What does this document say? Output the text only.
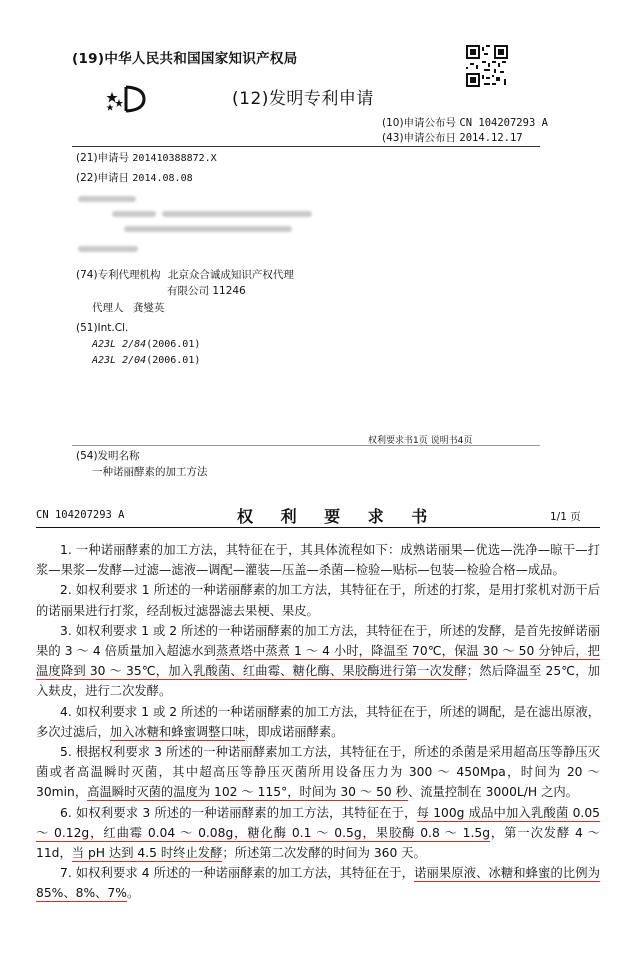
(19)中华人民共和国国家知识产权局
(12)发明专利申请
(10)申请公布号 CN 104207293 A
(43)申请公布日 2014.12.17
(21)申请号 201410388872.X
(22)申请日 2014.08.08
(74)专利代理机构 北京众合诚成知识产权代理
有限公司 11246
代理人 龚燮英
(51)Int.Cl.
A23L 2/84(2006.01)
A23L 2/04(2006.01)
权利要求书1页 说明书4页
(54)发明名称
一种诺丽酵素的加工方法
CN 104207293 A	权 利 要 求 书	1/1 页

1. 一种诺丽酵素的加工方法，其特征在于，其具体流程如下：成熟诺丽果—优选—洗净—晾干—打浆—果浆—发酵—过滤—滤液—调配—灌装—压盖—杀菌—检验—贴标—包装—检验合格—成品。

2. 如权利要求 1 所述的一种诺丽酵素的加工方法，其特征在于，所述的打浆，是用打浆机对沥干后的诺丽果进行打浆，经刮板过滤器滤去果梗、果皮。

3. 如权利要求 1 或 2 所述的一种诺丽酵素的加工方法，其特征在于，所述的发酵，是首先按鲜诺丽果的 3 ～ 4 倍质量加入超滤水到蒸煮塔中蒸煮 1 ～ 4 小时，降温至 70℃，保温 30 ～ 50 分钟后，把温度降到 30 ～ 35℃，加入乳酸菌、红曲霉、糖化酶、果胶酶进行第一次发酵；然后降温至 25℃，加入麸皮，进行二次发酵。

4. 如权利要求 1 或 2 所述的一种诺丽酵素的加工方法，其特征在于，所述的调配，是在滤出原液，多次过滤后，加入冰糖和蜂蜜调整口味，即成诺丽酵素。

5. 根据权利要求 3 所述的一种诺丽酵素加工方法，其特征在于，所述的杀菌是采用超高压等静压灭菌或者高温瞬时灭菌，其中超高压等静压灭菌所用设备压力为 300 ～ 450Mpa，时间为 20 ～ 30min，高温瞬时灭菌的温度为 102 ～ 115°，时间为 30 ～ 50 秒、流量控制在 3000L/H 之内。

6. 如权利要求 3 所述的一种诺丽酵素的加工方法，其特征在于，每 100g 成品中加入乳酸菌 0.05 ～ 0.12g，红曲霉 0.04 ～ 0.08g，糖化酶 0.1 ～ 0.5g，果胶酶 0.8 ～ 1.5g，第一次发酵 4 ～ 11d，当 pH 达到 4.5 时终止发酵；所述第二次发酵的时间为 360 天。

7. 如权利要求 4 所述的一种诺丽酵素的加工方法，其特征在于，诺丽果原液、冰糖和蜂蜜的比例为 85%、8%、7%。
